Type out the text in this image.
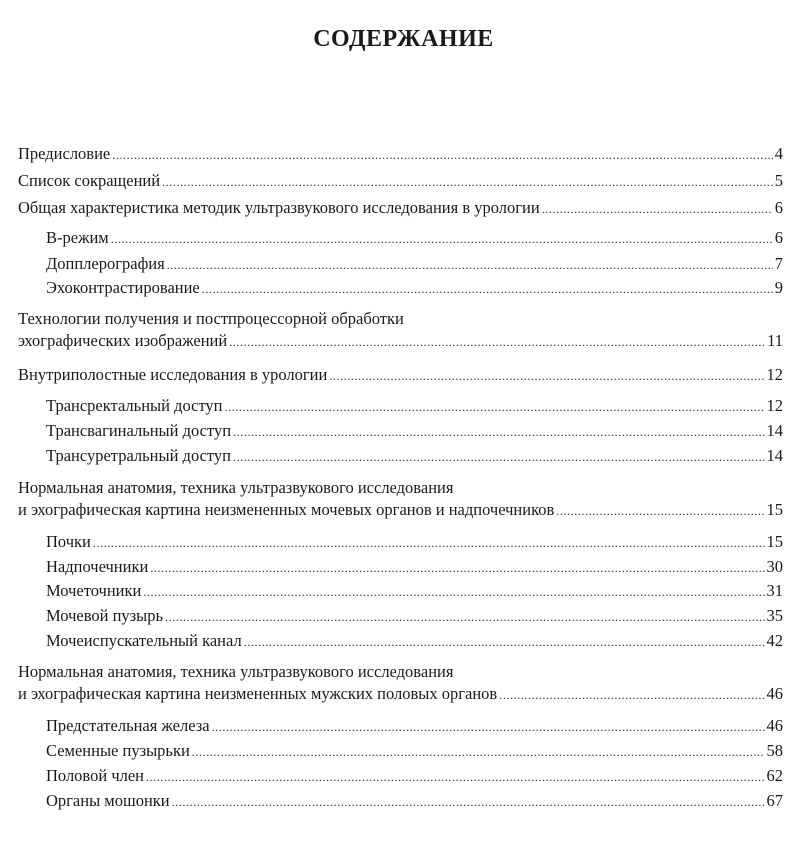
СОДЕРЖАНИЕ
Предисловие .....	4
Список сокращений .....	5
Общая характеристика методик ультразвукового исследования в урологии .....	6
В-режим .....	6
Допплерография .....	7
Эхоконтрастирование .....	9
Технологии получения и постпроцессорной обработки
эхографических изображений .....	11
Внутриполостные исследования в урологии .....	12
Трансректальный доступ .....	12
Трансвагинальный доступ .....	14
Трансуретральный доступ .....	14
Нормальная анатомия, техника ультразвукового исследования
и эхографическая картина неизмененных мочевых органов и надпочечников .....	15
Почки .....	15
Надпочечники .....	30
Мочеточники .....	31
Мочевой пузырь .....	35
Мочеиспускательный канал .....	42
Нормальная анатомия, техника ультразвукового исследования
и эхографическая картина неизмененных мужских половых органов .....	46
Предстательная железа .....	46
Семенные пузырьки .....	58
Половой член .....	62
Органы мошонки .....	67
